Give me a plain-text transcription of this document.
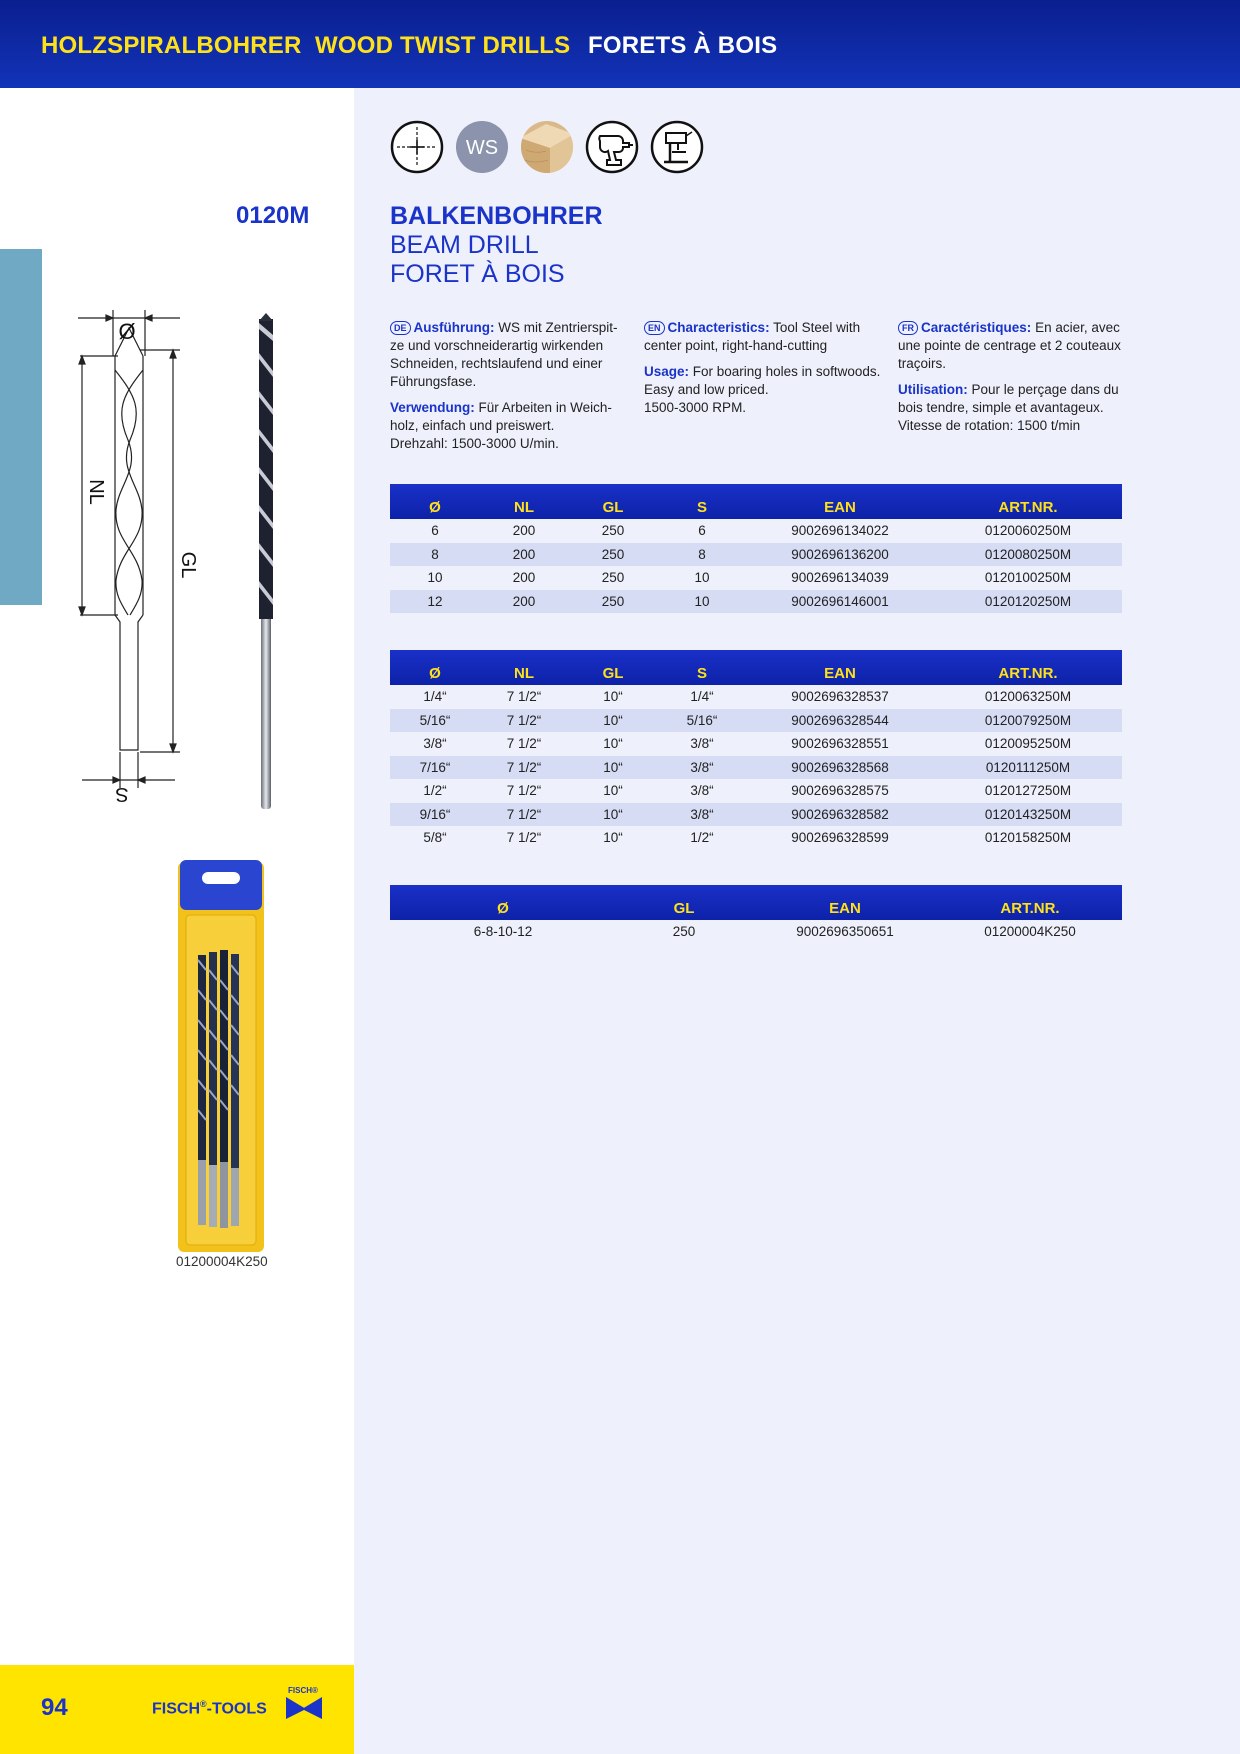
HOLZSPIRALBOHRER WOOD TWIST DRILLS FORETS À BOIS
WS
0120M	BALKENBOHRER
BEAM DRILL
FORET À BOIS
Ø
NL
GL
S
01200004K250

DE Ausführung: WS mit Zentrierspit-ze und vorschneiderartig wirkenden Schneiden, rechtslaufend und einer Führungsfase.

Verwendung: Für Arbeiten in Weich-holz, einfach und preiswert.

Drehzahl: 1500-3000 U/min.

EN Characteristics: Tool Steel with center point, right-hand-cutting

Usage: For boaring holes in softwoods. Easy and low priced.

1500-3000 RPM.

FR Caractéristiques: En acier, avec une pointe de centrage et 2 couteaux traçoirs.

Utilisation: Pour le perçage dans du bois tendre, simple et avantageux.

Vitesse de rotation: 1500 t/min
Ø	NL	GL	S	EAN	ART.NR.
6	200	250	6	9002696134022	0120060250M
8	200	250	8	9002696136200	0120080250M
10	200	250	10	9002696134039	0120100250M
12	200	250	10	9002696146001	0120120250M
Ø	NL	GL	S	EAN	ART.NR.
1/4“	7 1/2“	10“	1/4“	9002696328537	0120063250M
5/16“	7 1/2“	10“	5/16“	9002696328544	0120079250M
3/8“	7 1/2“	10“	3/8“	9002696328551	0120095250M
7/16“	7 1/2“	10“	3/8“	9002696328568	0120111250M
1/2“	7 1/2“	10“	3/8“	9002696328575	0120127250M
9/16“	7 1/2“	10“	3/8“	9002696328582	0120143250M
5/8“	7 1/2“	10“	1/2“	9002696328599	0120158250M
Ø	GL	EAN	ART.NR.
6-8-10-12	250	9002696350651	01200004K250
94	FISCH®-TOOLS
FISCH®
